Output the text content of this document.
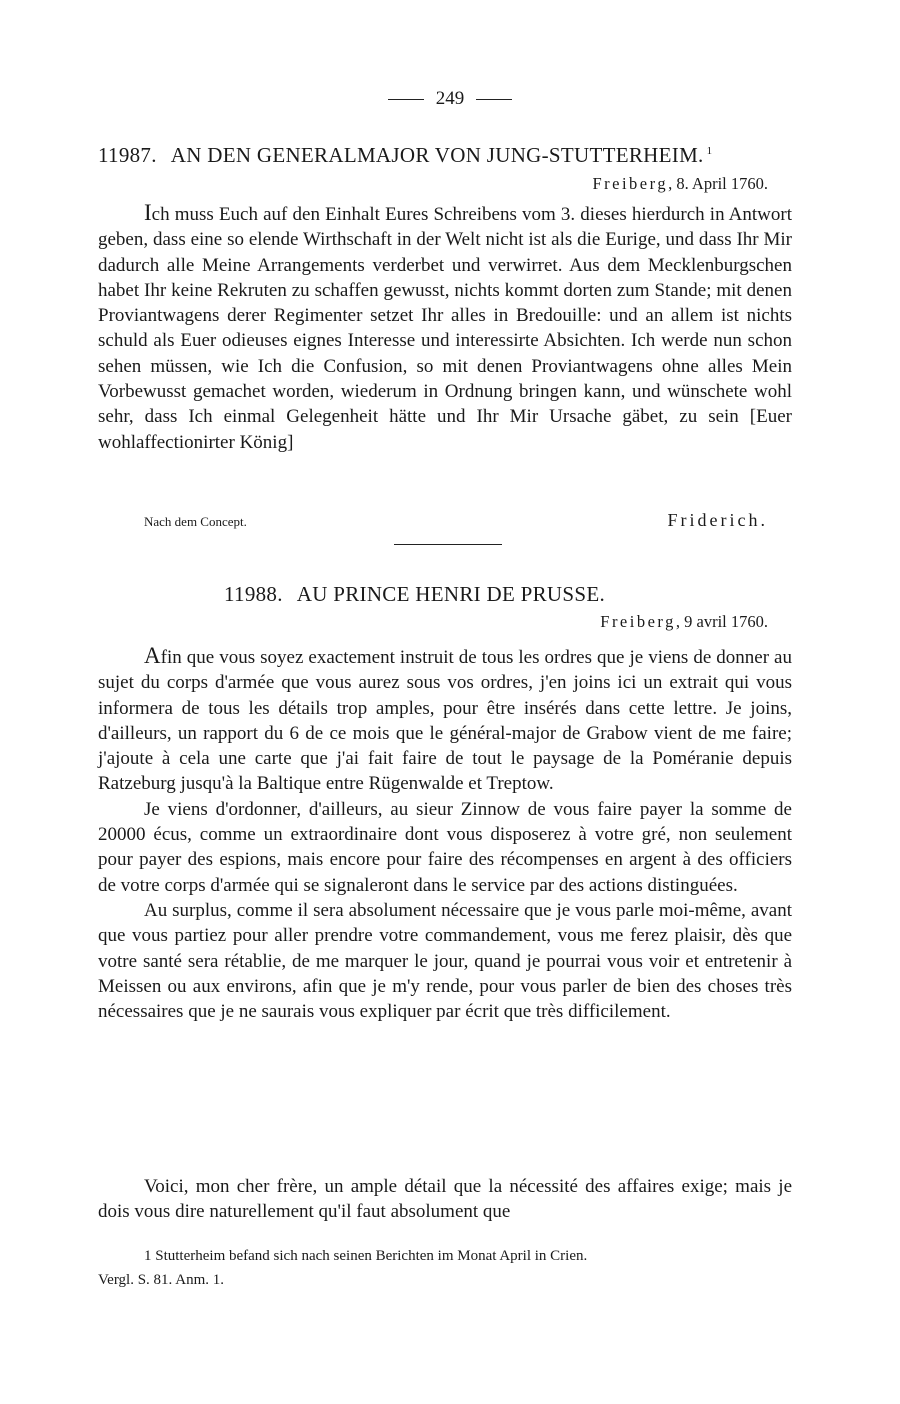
249
11987. AN DEN GENERALMAJOR VON JUNG-STUTTERHEIM. $^1$
Freiberg, 8. April 1760.

Ich muss Euch auf den Einhalt Eures Schreibens vom 3. dieses hierdurch in Antwort geben, dass eine so elende Wirthschaft in der Welt nicht ist als die Eurige, und dass Ihr Mir dadurch alle Meine Arrangements verderbet und verwirret. Aus dem Mecklenburgschen habet Ihr keine Rekruten zu schaffen gewusst, nichts kommt dorten zum Stande; mit denen Proviantwagens derer Regimenter setzet Ihr alles in Bredouille: und an allem ist nichts schuld als Euer odieuses eignes Interesse und interessirte Absichten. Ich werde nun schon sehen müssen, wie Ich die Confusion, so mit denen Proviantwagens ohne alles Mein Vorbewusst gemachet worden, wiederum in Ordnung bringen kann, und wünschete wohl sehr, dass Ich einmal Gelegenheit hätte und Ihr Mir Ursache gäbet, zu sein [Euer wohlaffectionirter König]

Nach dem Concept.	Friderich.
11988. AU PRINCE HENRI DE PRUSSE.
Freiberg, 9 avril 1760.

Afin que vous soyez exactement instruit de tous les ordres que je viens de donner au sujet du corps d'armée que vous aurez sous vos ordres, j'en joins ici un extrait qui vous informera de tous les détails trop amples, pour être insérés dans cette lettre. Je joins, d'ailleurs, un rapport du 6 de ce mois que le général-major de Grabow vient de me faire; j'ajoute à cela une carte que j'ai fait faire de tout le paysage de la Poméranie depuis Ratzeburg jusqu'à la Baltique entre Rügenwalde et Treptow.

Je viens d'ordonner, d'ailleurs, au sieur Zinnow de vous faire payer la somme de 20000 écus, comme un extraordinaire dont vous disposerez à votre gré, non seulement pour payer des espions, mais encore pour faire des récompenses en argent à des officiers de votre corps d'armée qui se signaleront dans le service par des actions distinguées.

Au surplus, comme il sera absolument nécessaire que je vous parle moi-même, avant que vous partiez pour aller prendre votre commandement, vous me ferez plaisir, dès que votre santé sera rétablie, de me marquer le jour, quand je pourrai vous voir et entretenir à Meissen ou aux environs, afin que je m'y rende, pour vous parler de bien des choses très nécessaires que je ne saurais vous expliquer par écrit que très difficilement.

Voici, mon cher frère, un ample détail que la nécessité des affaires exige; mais je dois vous dire naturellement qu'il faut absolument que

1 Stutterheim befand sich nach seinen Berichten im Monat April in Crien.

Vergl. S. 81. Anm. 1.
